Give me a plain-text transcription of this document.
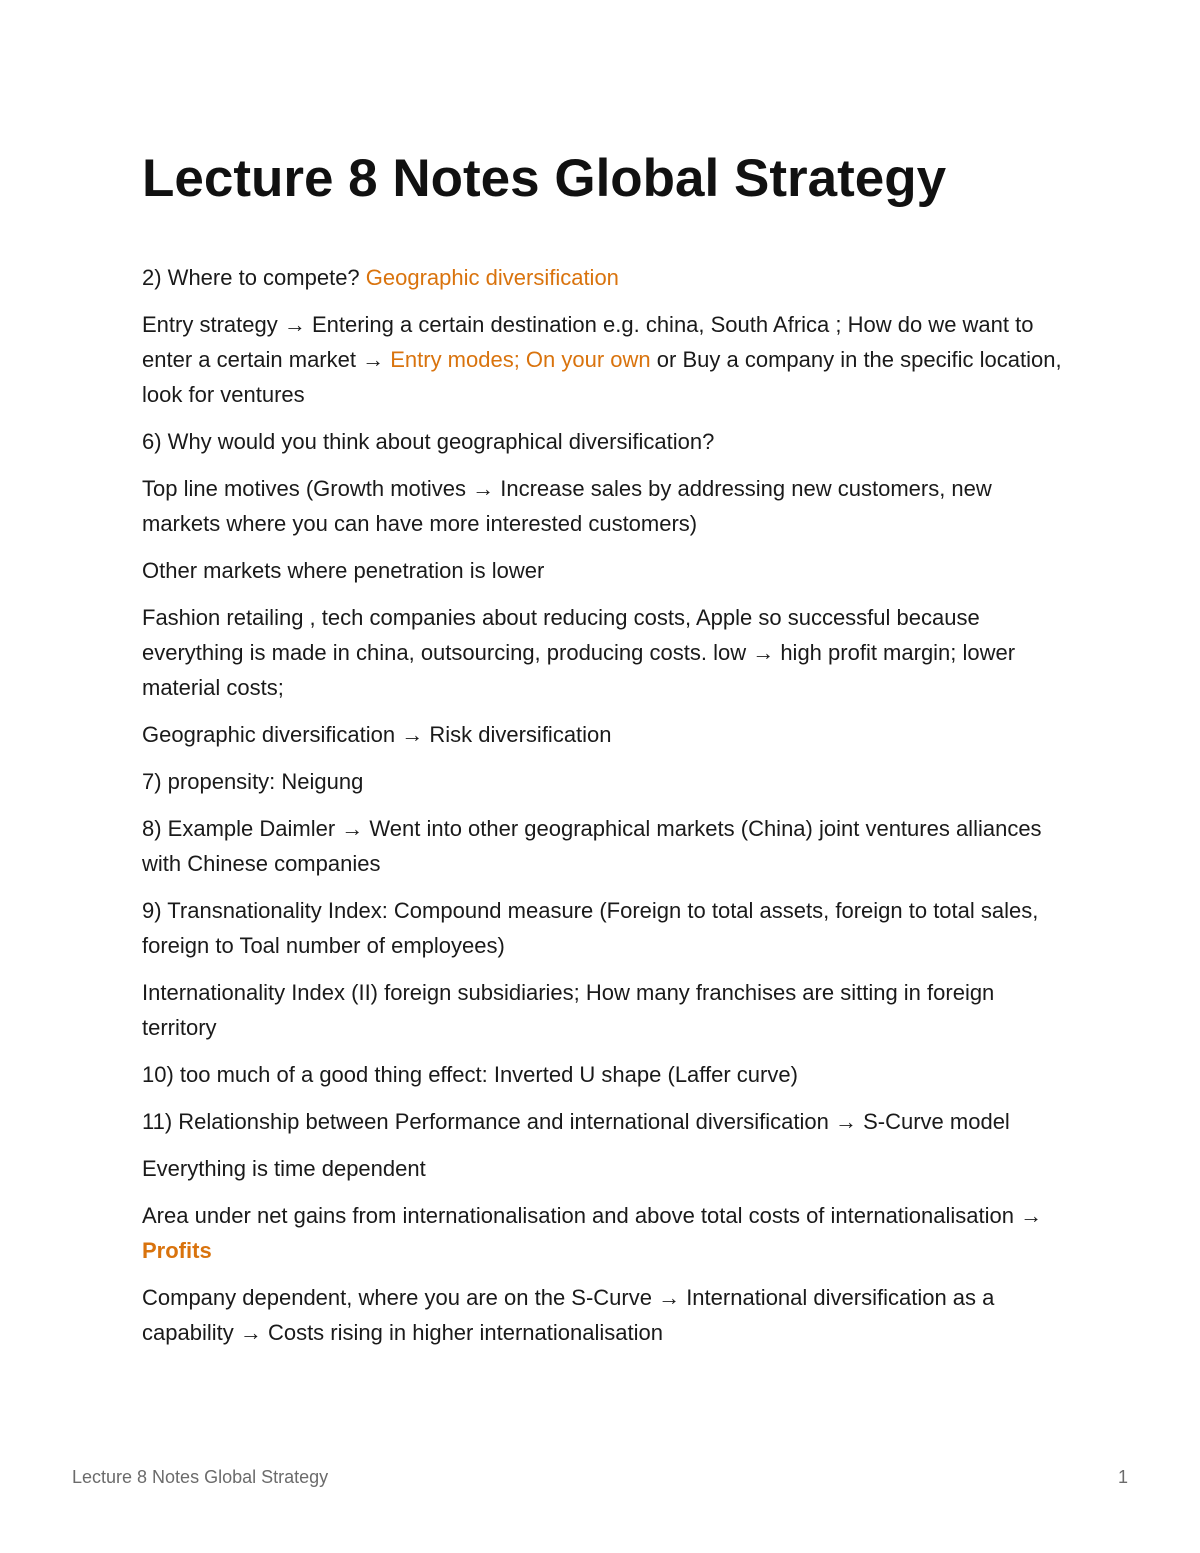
Lecture 8 Notes Global Strategy

2) Where to compete? Geographic diversification

Entry strategy → Entering a certain destination e.g. china, South Africa ; How do we want to enter a certain market → Entry modes; On your own or Buy a company in the specific location, look for ventures

6) Why would you think about geographical diversification?

Top line motives (Growth motives → Increase sales by addressing new customers, new markets where you can have more interested customers)

Other markets where penetration is lower

Fashion retailing , tech companies about reducing costs, Apple so successful because everything is made in china, outsourcing, producing costs. low → high profit margin; lower material costs;

Geographic diversification → Risk diversification

7) propensity: Neigung

8) Example Daimler → Went into other geographical markets (China) joint ventures alliances with Chinese companies

9) Transnationality Index: Compound measure (Foreign to total assets, foreign to total sales, foreign to Toal number of employees)

Internationality Index (II) foreign subsidiaries; How many franchises are sitting in foreign territory

10) too much of a good thing effect: Inverted U shape (Laffer curve)

11) Relationship between Performance and international diversification → S-Curve model

Everything is time dependent

Area under net gains from internationalisation and above total costs of internationalisation → Profits

Company dependent, where you are on the S-Curve → International diversification as a capability → Costs rising in higher internationalisation

Lecture 8 Notes Global Strategy	1
